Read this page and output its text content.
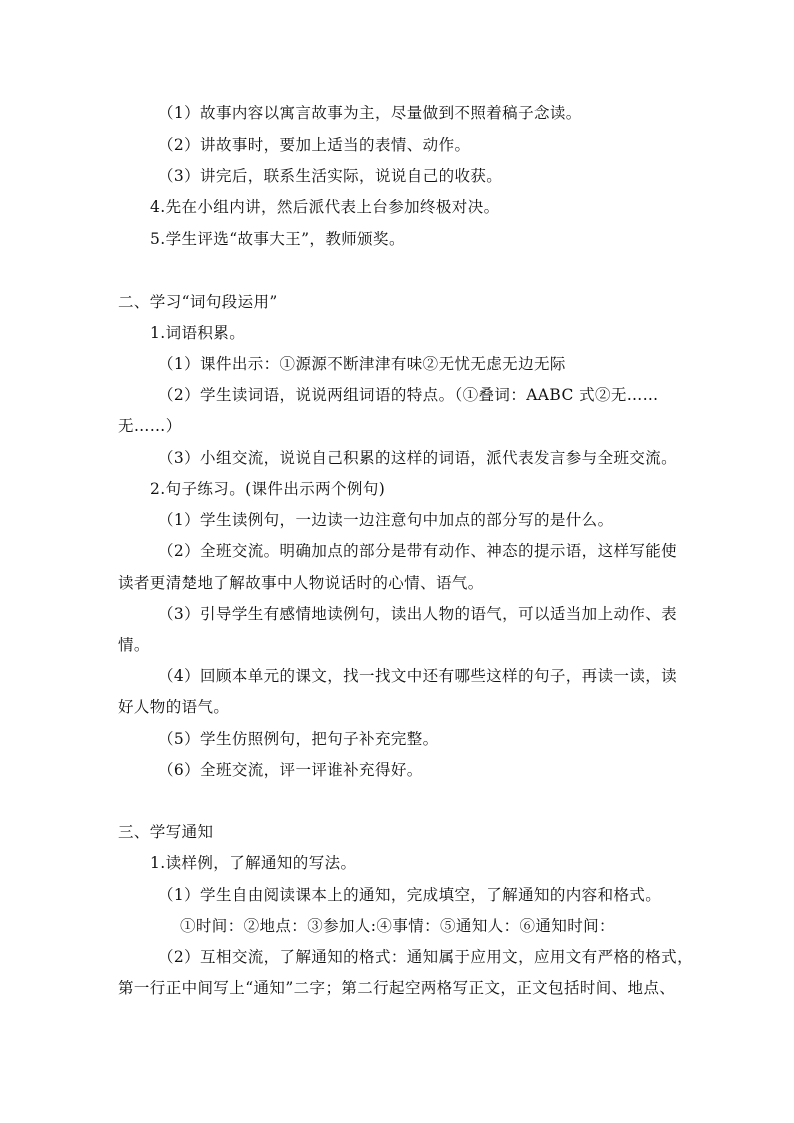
（1）故事内容以寓言故事为主，尽量做到不照着稿子念读。
（2）讲故事时，要加上适当的表情、动作。
（3）讲完后，联系生活实际，说说自己的收获。
4.先在小组内讲，然后派代表上台参加终极对决。
5.学生评选“故事大王”，教师颁奖。
二、学习“词句段运用”
1.词语积累。
（1）课件出示：①源源不断津津有味②无忧无虑无边无际
（2）学生读词语，说说两组词语的特点。（①叠词：AABC 式②无……
无……）
（3）小组交流，说说自己积累的这样的词语，派代表发言参与全班交流。
2.句子练习。(课件出示两个例句)
（1）学生读例句，一边读一边注意句中加点的部分写的是什么。
（2）全班交流。明确加点的部分是带有动作、神态的提示语，这样写能使
读者更清楚地了解故事中人物说话时的心情、语气。
（3）引导学生有感情地读例句，读出人物的语气，可以适当加上动作、表
情。
（4）回顾本单元的课文，找一找文中还有哪些这样的句子，再读一读，读
好人物的语气。
（5）学生仿照例句，把句子补充完整。
（6）全班交流，评一评谁补充得好。
三、学写通知
1.读样例，了解通知的写法。
（1）学生自由阅读课本上的通知，完成填空，了解通知的内容和格式。
①时间：②地点：③参加人:④事情：⑤通知人：⑥通知时间：
（2）互相交流，了解通知的格式：通知属于应用文，应用文有严格的格式，
第一行正中间写上“通知”二字；第二行起空两格写正文，正文包括时间、地点、
